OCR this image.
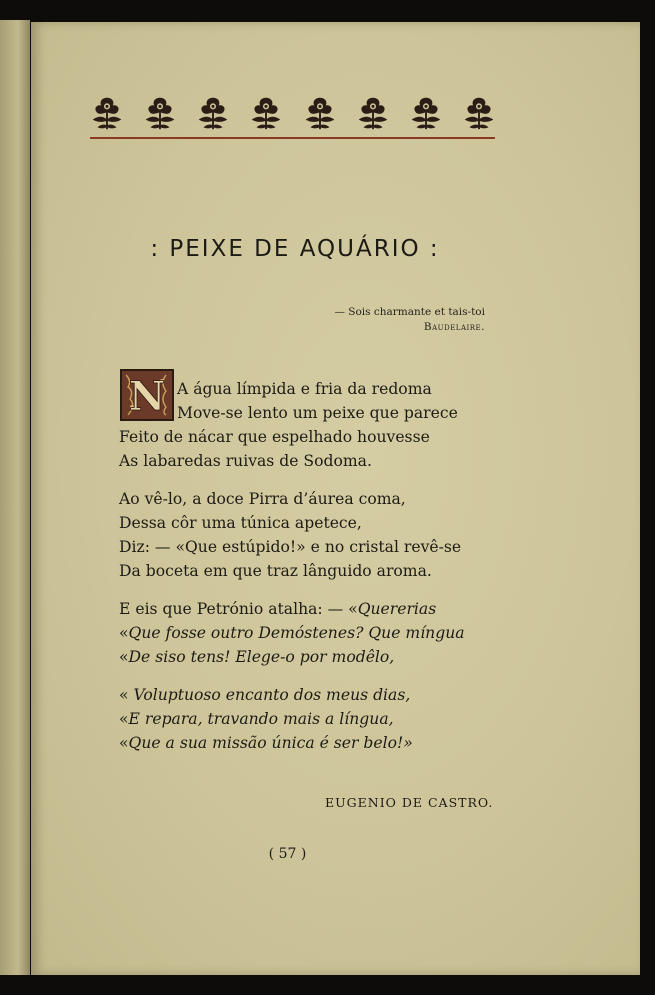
: PEIXE DE AQUÁRIO :
— Sois charmante et tais-toi
Baudelaire.
N A água límpida e fria da redoma
Move-se lento um peixe que parece
Feito de nácar que espelhado houvesse
As labaredas ruivas de Sodoma.
Ao vê-lo, a doce Pirra d’áurea coma,
Dessa côr uma túnica apetece,
Diz: — «Que estúpido!» e no cristal revê-se
Da boceta em que traz lânguido aroma.
E eis que Petrónio atalha: — «Quererias
«Que fosse outro Demóstenes? Que míngua
«De siso tens! Elege-o por modêlo,
« Voluptuoso encanto dos meus dias,
«E repara, travando mais a língua,
«Que a sua missão única é ser belo!»
EUGENIO DE CASTRO.
( 57 )
